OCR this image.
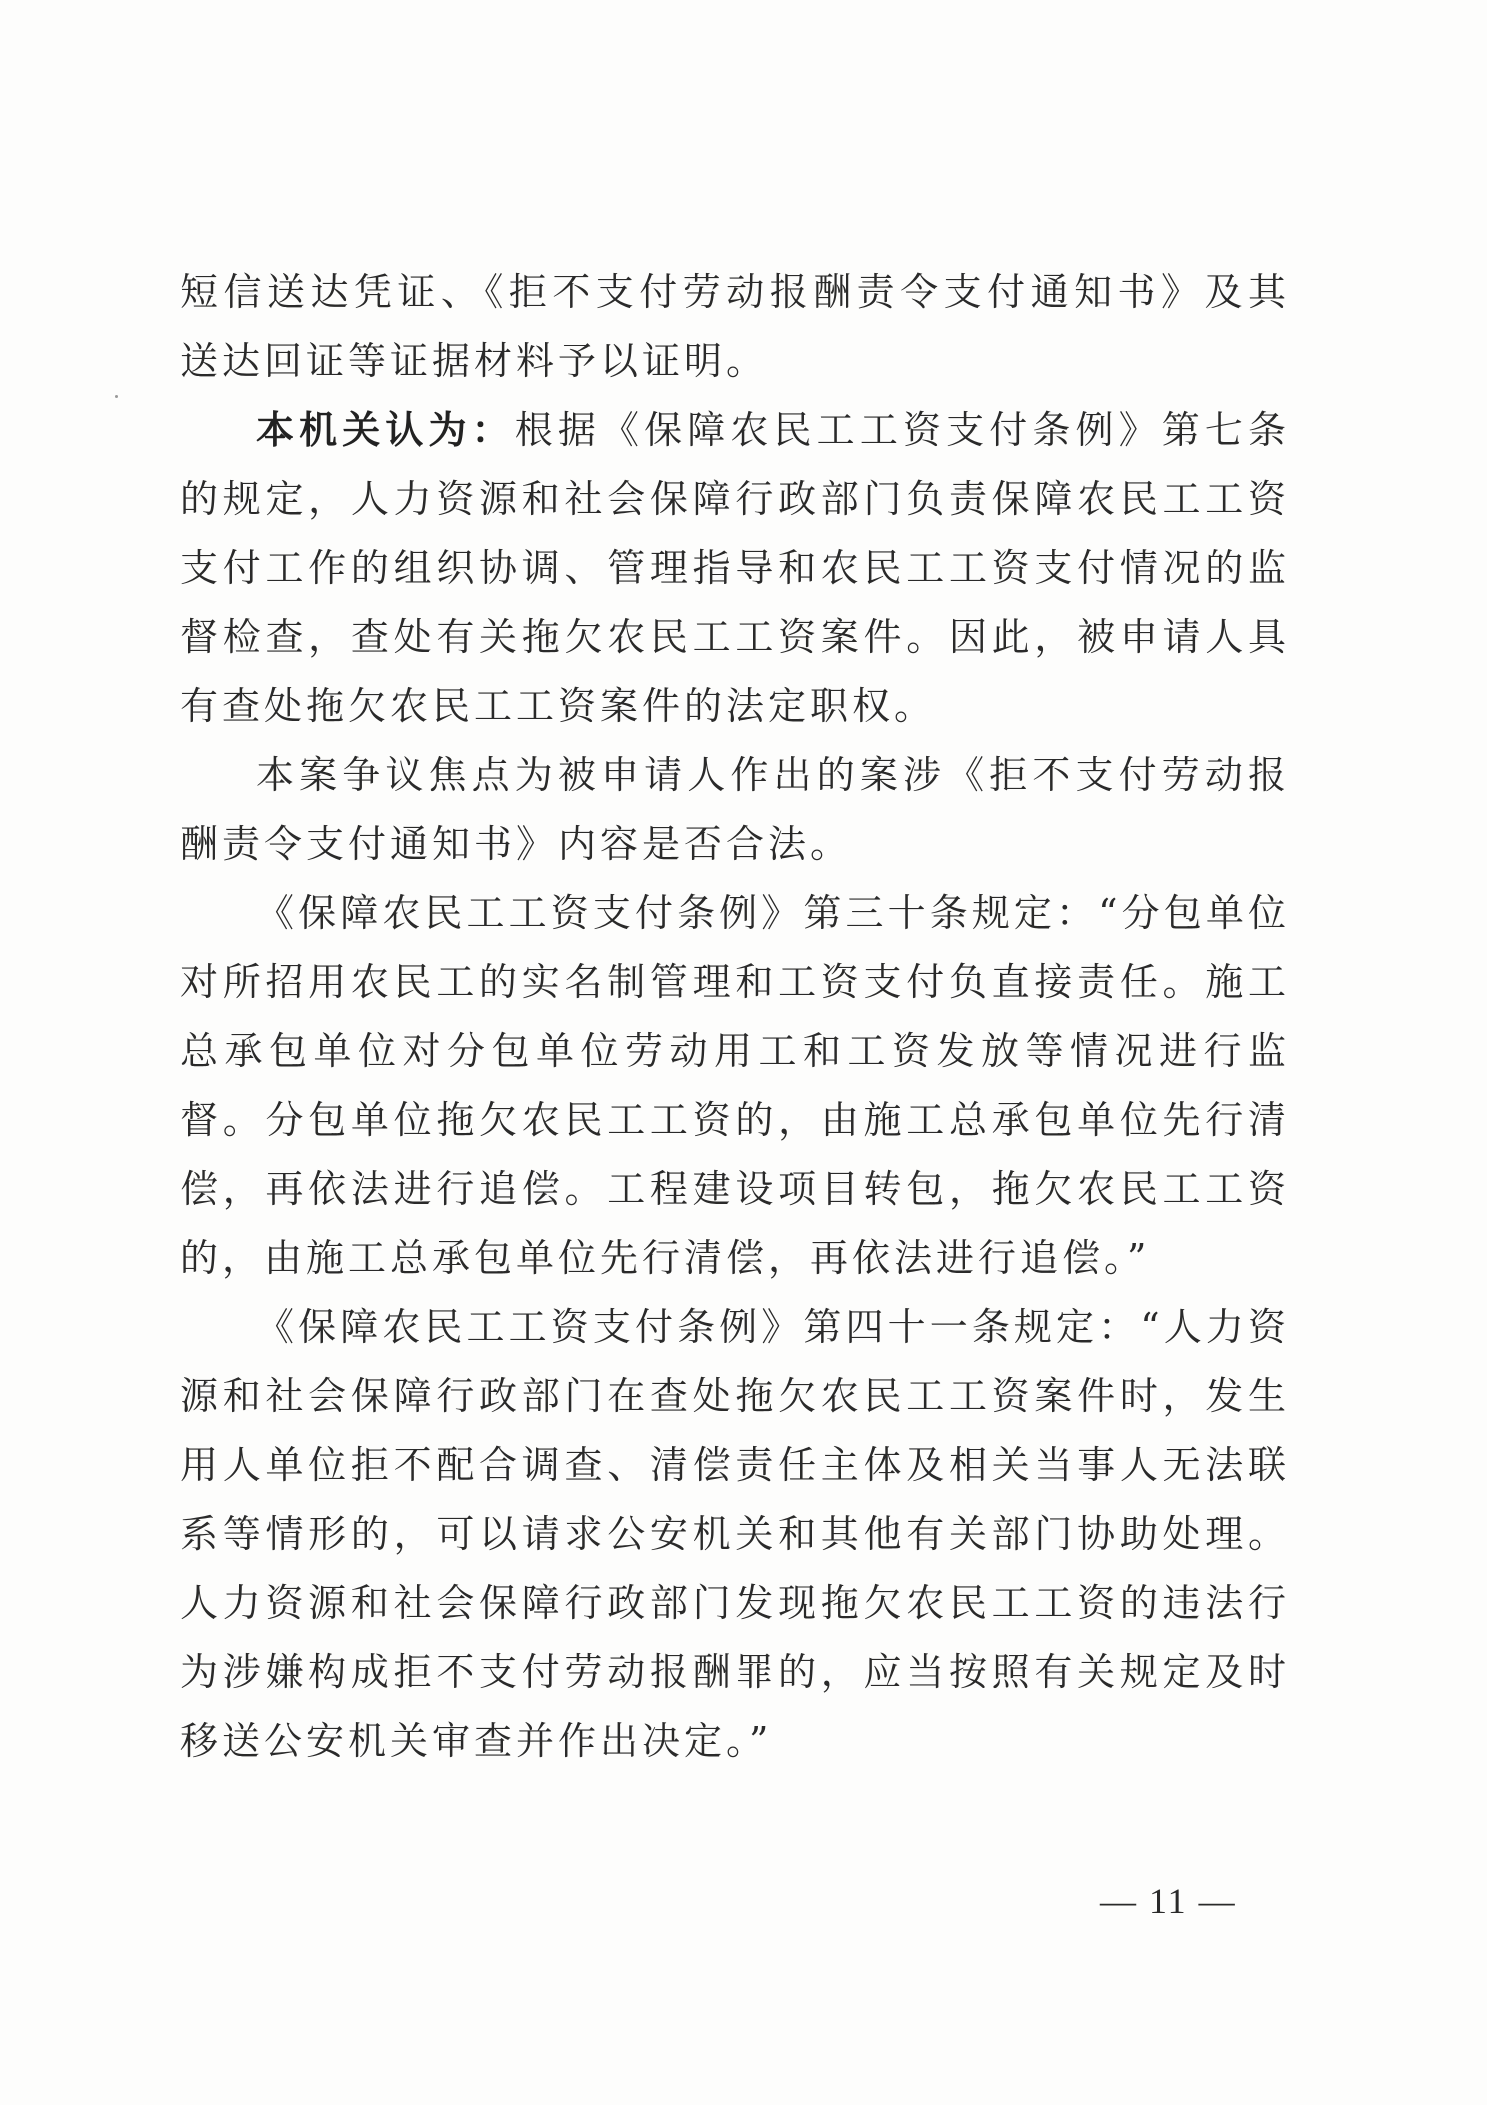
短信送达凭证、《拒不支付劳动报酬责令支付通知书》及其送达回证等证据材料予以证明。

本机关认为：根据《保障农民工工资支付条例》第七条的规定，人力资源和社会保障行政部门负责保障农民工工资支付工作的组织协调、管理指导和农民工工资支付情况的监督检查，查处有关拖欠农民工工资案件。因此，被申请人具有查处拖欠农民工工资案件的法定职权。

本案争议焦点为被申请人作出的案涉《拒不支付劳动报酬责令支付通知书》内容是否合法。

《保障农民工工资支付条例》第三十条规定：“分包单位对所招用农民工的实名制管理和工资支付负直接责任。施工总承包单位对分包单位劳动用工和工资发放等情况进行监督。分包单位拖欠农民工工资的，由施工总承包单位先行清偿，再依法进行追偿。工程建设项目转包，拖欠农民工工资的，由施工总承包单位先行清偿，再依法进行追偿。”

《保障农民工工资支付条例》第四十一条规定：“人力资源和社会保障行政部门在查处拖欠农民工工资案件时，发生用人单位拒不配合调查、清偿责任主体及相关当事人无法联系等情形的，可以请求公安机关和其他有关部门协助处理。人力资源和社会保障行政部门发现拖欠农民工工资的违法行为涉嫌构成拒不支付劳动报酬罪的，应当按照有关规定及时移送公安机关审查并作出决定。”

— 11 —
